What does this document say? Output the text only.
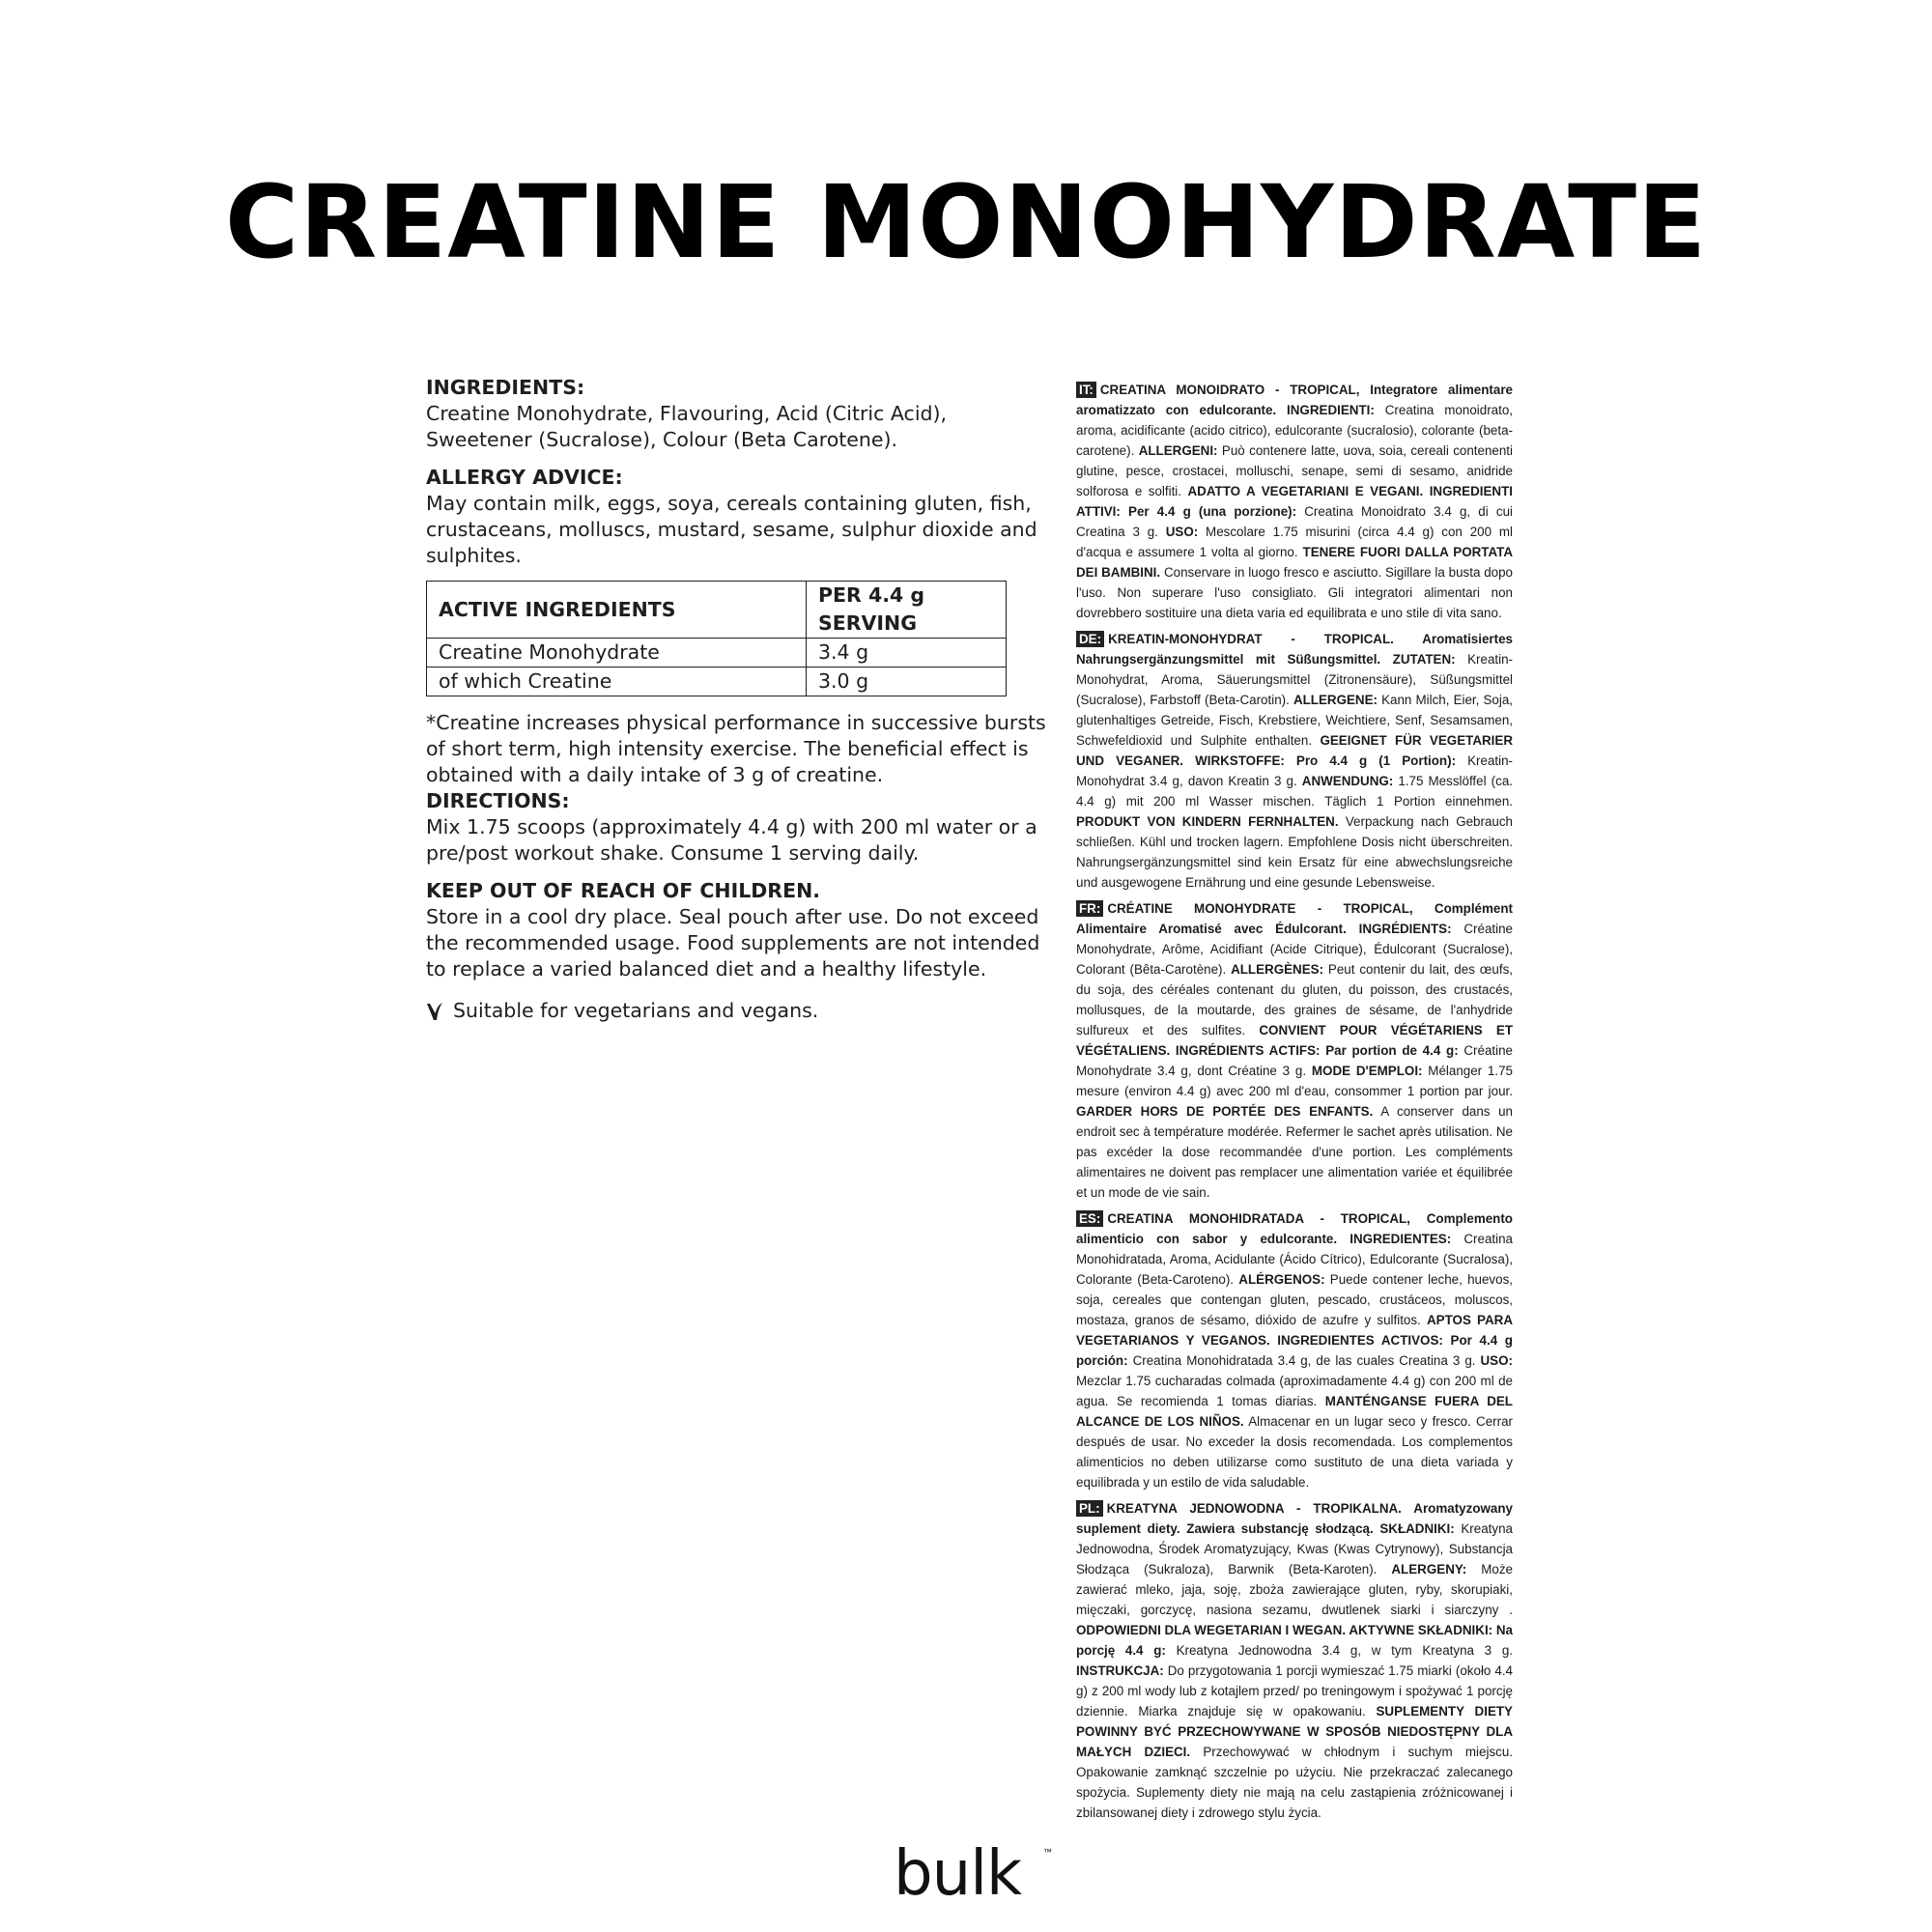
CREATINE MONOHYDRATE

INGREDIENTS:

Creatine Monohydrate, Flavouring, Acid (Citric Acid), Sweetener (Sucralose), Colour (Beta Carotene).

ALLERGY ADVICE:

May contain milk, eggs, soya, cereals containing gluten, fish, crustaceans, molluscs, mustard, sesame, sulphur dioxide and sulphites.

ACTIVE INGREDIENTS	PER 4.4 g SERVING
Creatine Monohydrate	3.4 g
of which Creatine	3.0 g

*Creatine increases physical performance in successive bursts of short term, high intensity exercise. The beneficial effect is obtained with a daily intake of 3 g of creatine.

DIRECTIONS:

Mix 1.75 scoops (approximately 4.4 g) with 200 ml water or a pre/post workout shake. Consume 1 serving daily.

KEEP OUT OF REACH OF CHILDREN.

Store in a cool dry place. Seal pouch after use. Do not exceed the recommended usage. Food supplements are not intended to replace a varied balanced diet and a healthy lifestyle.

Suitable for vegetarians and vegans.

IT: CREATINA MONOIDRATO - TROPICAL, Integratore alimentare aromatizzato con edulcorante. INGREDIENTI: Creatina monoidrato, aroma, acidificante (acido citrico), edulcorante (sucralosio), colorante (beta-carotene). ALLERGENI: Può contenere latte, uova, soia, cereali contenenti glutine, pesce, crostacei, molluschi, senape, semi di sesamo, anidride solforosa e solfiti. ADATTO A VEGETARIANI E VEGANI. INGREDIENTI ATTIVI: Per 4.4 g (una porzione): Creatina Monoidrato 3.4 g, di cui Creatina 3 g. USO: Mescolare 1.75 misurini (circa 4.4 g) con 200 ml d'acqua e assumere 1 volta al giorno. TENERE FUORI DALLA PORTATA DEI BAMBINI. Conservare in luogo fresco e asciutto. Sigillare la busta dopo l'uso. Non superare l'uso consigliato. Gli integratori alimentari non dovrebbero sostituire una dieta varia ed equilibrata e uno stile di vita sano.

DE: KREATIN-MONOHYDRAT - TROPICAL. Aromatisiertes Nahrungsergänzungsmittel mit Süßungsmittel. ZUTATEN: Kreatin-Monohydrat, Aroma, Säuerungsmittel (Zitronensäure), Süßungsmittel (Sucralose), Farbstoff (Beta-Carotin). ALLERGENE: Kann Milch, Eier, Soja, glutenhaltiges Getreide, Fisch, Krebstiere, Weichtiere, Senf, Sesamsamen, Schwefeldioxid und Sulphite enthalten. GEEIGNET FÜR VEGETARIER UND VEGANER. WIRKSTOFFE: Pro 4.4 g (1 Portion): Kreatin-Monohydrat 3.4 g, davon Kreatin 3 g. ANWENDUNG: 1.75 Messlöffel (ca. 4.4 g) mit 200 ml Wasser mischen. Täglich 1 Portion einnehmen. PRODUKT VON KINDERN FERNHALTEN. Verpackung nach Gebrauch schließen. Kühl und trocken lagern. Empfohlene Dosis nicht überschreiten. Nahrungsergänzungsmittel sind kein Ersatz für eine abwechslungsreiche und ausgewogene Ernährung und eine gesunde Lebensweise.

FR: CRÉATINE MONOHYDRATE - TROPICAL, Complément Alimentaire Aromatisé avec Édulcorant. INGRÉDIENTS: Créatine Monohydrate, Arôme, Acidifiant (Acide Citrique), Édulcorant (Sucralose), Colorant (Bêta-Carotène). ALLERGÈNES: Peut contenir du lait, des œufs, du soja, des céréales contenant du gluten, du poisson, des crustacés, mollusques, de la moutarde, des graines de sésame, de l'anhydride sulfureux et des sulfites. CONVIENT POUR VÉGÉTARIENS ET VÉGÉTALIENS. INGRÉDIENTS ACTIFS: Par portion de 4.4 g: Créatine Monohydrate 3.4 g, dont Créatine 3 g. MODE D'EMPLOI: Mélanger 1.75 mesure (environ 4.4 g) avec 200 ml d'eau, consommer 1 portion par jour. GARDER HORS DE PORTÉE DES ENFANTS. A conserver dans un endroit sec à température modérée. Refermer le sachet après utilisation. Ne pas excéder la dose recommandée d'une portion. Les compléments alimentaires ne doivent pas remplacer une alimentation variée et équilibrée et un mode de vie sain.

ES: CREATINA MONOHIDRATADA - TROPICAL, Complemento alimenticio con sabor y edulcorante. INGREDIENTES: Creatina Monohidratada, Aroma, Acidulante (Ácido Cítrico), Edulcorante (Sucralosa), Colorante (Beta-Caroteno). ALÉRGENOS: Puede contener leche, huevos, soja, cereales que contengan gluten, pescado, crustáceos, moluscos, mostaza, granos de sésamo, dióxido de azufre y sulfitos. APTOS PARA VEGETARIANOS Y VEGANOS. INGREDIENTES ACTIVOS: Por 4.4 g porción: Creatina Monohidratada 3.4 g, de las cuales Creatina 3 g. USO: Mezclar 1.75 cucharadas colmada (aproximadamente 4.4 g) con 200 ml de agua. Se recomienda 1 tomas diarias. MANTÉNGANSE FUERA DEL ALCANCE DE LOS NIÑOS. Almacenar en un lugar seco y fresco. Cerrar después de usar. No exceder la dosis recomendada. Los complementos alimenticios no deben utilizarse como sustituto de una dieta variada y equilibrada y un estilo de vida saludable.

PL: KREATYNA JEDNOWODNA - TROPIKALNA. Aromatyzowany suplement diety. Zawiera substancję słodzącą. SKŁADNIKI: Kreatyna Jednowodna, Środek Aromatyzujący, Kwas (Kwas Cytrynowy), Substancja Słodząca (Sukraloza), Barwnik (Beta-Karoten). ALERGENY: Może zawierać mleko, jaja, soję, zboża zawierające gluten, ryby, skorupiaki, mięczaki, gorczycę, nasiona sezamu, dwutlenek siarki i siarczyny . ODPOWIEDNI DLA WEGETARIAN I WEGAN. AKTYWNE SKŁADNIKI: Na porcję 4.4 g: Kreatyna Jednowodna 3.4 g, w tym Kreatyna 3 g. INSTRUKCJA: Do przygotowania 1 porcji wymieszać 1.75 miarki (około 4.4 g) z 200 ml wody lub z kotajlem przed/ po treningowym i spożywać 1 porcję dziennie. Miarka znajduje się w opakowaniu. SUPLEMENTY DIETY POWINNY BYĆ PRZECHOWYWANE W SPOSÓB NIEDOSTĘPNY DLA MAŁYCH DZIECI. Przechowywać w chłodnym i suchym miejscu. Opakowanie zamknąć szczelnie po użyciu. Nie przekraczać zalecanego spożycia. Suplementy diety nie mają na celu zastąpienia zróżnicowanej i zbilansowanej diety i zdrowego stylu życia.

bulk	™
